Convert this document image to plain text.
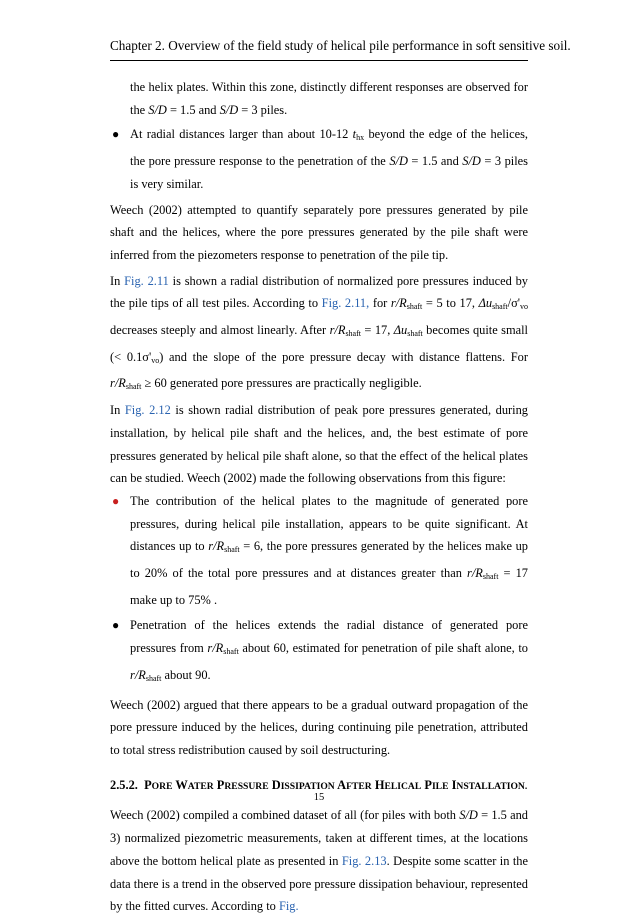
Chapter 2. Overview of the field study of helical pile performance in soft sensitive soil.

the helix plates. Within this zone, distinctly different responses are observed for the S/D = 1.5 and S/D = 3 piles.

● At radial distances larger than about 10-12 $t_{hx}$ beyond the edge of the helices, the pore pressure response to the penetration of the S/D = 1.5 and S/D = 3 piles is very similar.

Weech (2002) attempted to quantify separately pore pressures generated by pile shaft and the helices, where the pore pressures generated by the pile shaft were inferred from the piezometers response to penetration of the pile tip.

In Fig. 2.11 is shown a radial distribution of normalized pore pressures induced by the pile tips of all test piles. According to Fig. 2.11, for $r/R_{shaft} = 5$ to 17, $\Delta u_{shaft}/\sigma'_{vo}$ decreases steeply and almost linearly. After $r/R_{shaft} = 17$, $\Delta u_{shaft}$ becomes quite small (< $0.1\sigma'_{vo}$) and the slope of the pore pressure decay with distance flattens. For $r/R_{shaft} \ge 60$ generated pore pressures are practically negligible.

In Fig. 2.12 is shown radial distribution of peak pore pressures generated, during installation, by helical pile shaft and the helices, and, the best estimate of pore pressures generated by helical pile shaft alone, so that the effect of the helical plates can be studied. Weech (2002) made the following observations from this figure:

● The contribution of the helical plates to the magnitude of generated pore pressures, during helical pile installation, appears to be quite significant. At distances up to $r/R_{shaft} = 6$, the pore pressures generated by the helices make up to 20% of the total pore pressures and at distances greater than $r/R_{shaft} = 17$ make up to 75% .
● Penetration of the helices extends the radial distance of generated pore pressures from $r/R_{shaft}$ about 60, estimated for penetration of pile shaft alone, to $r/R_{shaft}$ about 90.

Weech (2002) argued that there appears to be a gradual outward propagation of the pore pressure induced by the helices, during continuing pile penetration, attributed to total stress redistribution caused by soil destructuring.

2.5.2. PORE WATER PRESSURE DISSIPATION AFTER HELICAL PILE INSTALLATION.

Weech (2002) compiled a combined dataset of all (for piles with both S/D = 1.5 and 3) normalized piezometric measurements, taken at different times, at the locations above the bottom helical plate as presented in Fig. 2.13. Despite some scatter in the data there is a trend in the observed pore pressure dissipation behaviour, represented by the fitted curves. According to Fig.

15
